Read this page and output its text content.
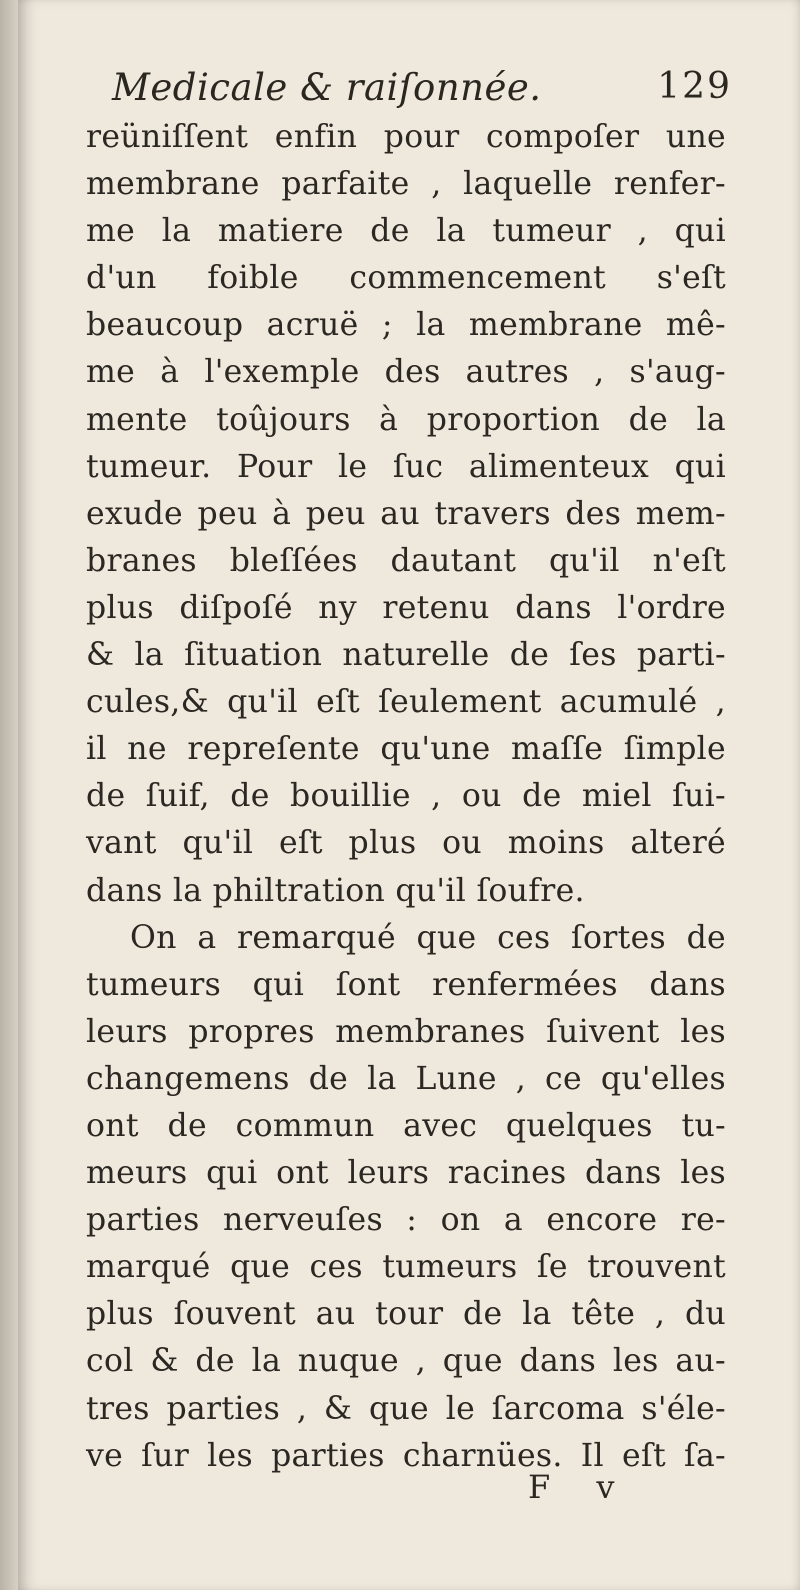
Medicale & raiſonnée.	129
reüniſſent enfin pour compoſer une
membrane parfaite , laquelle renfer-
me la matiere de la tumeur , qui
d'un foible commencement s'eſt
beaucoup acruë ; la membrane mê-
me à l'exemple des autres , s'aug-
mente toûjours à proportion de la
tumeur. Pour le ſuc alimenteux qui
exude peu à peu au travers des mem-
branes bleſſées dautant qu'il n'eſt
plus diſpoſé ny retenu dans l'ordre
& la ſituation naturelle de ſes parti-
cules,& qu'il eſt ſeulement acumulé ,
il ne repreſente qu'une maſſe ſimple
de ſuif, de bouillie , ou de miel ſui-
vant qu'il eſt plus ou moins alteré
dans la philtration qu'il ſoufre.
On a remarqué que ces ſortes de
tumeurs qui ſont renfermées dans
leurs propres membranes ſuivent les
changemens de la Lune , ce qu'elles
ont de commun avec quelques tu-
meurs qui ont leurs racines dans les
parties nerveuſes : on a encore re-
marqué que ces tumeurs ſe trouvent
plus ſouvent au tour de la tête , du
col & de la nuque , que dans les au-
tres parties , & que le ſarcoma s'éle-
ve ſur les parties charnües. Il eſt ſa-
F v
